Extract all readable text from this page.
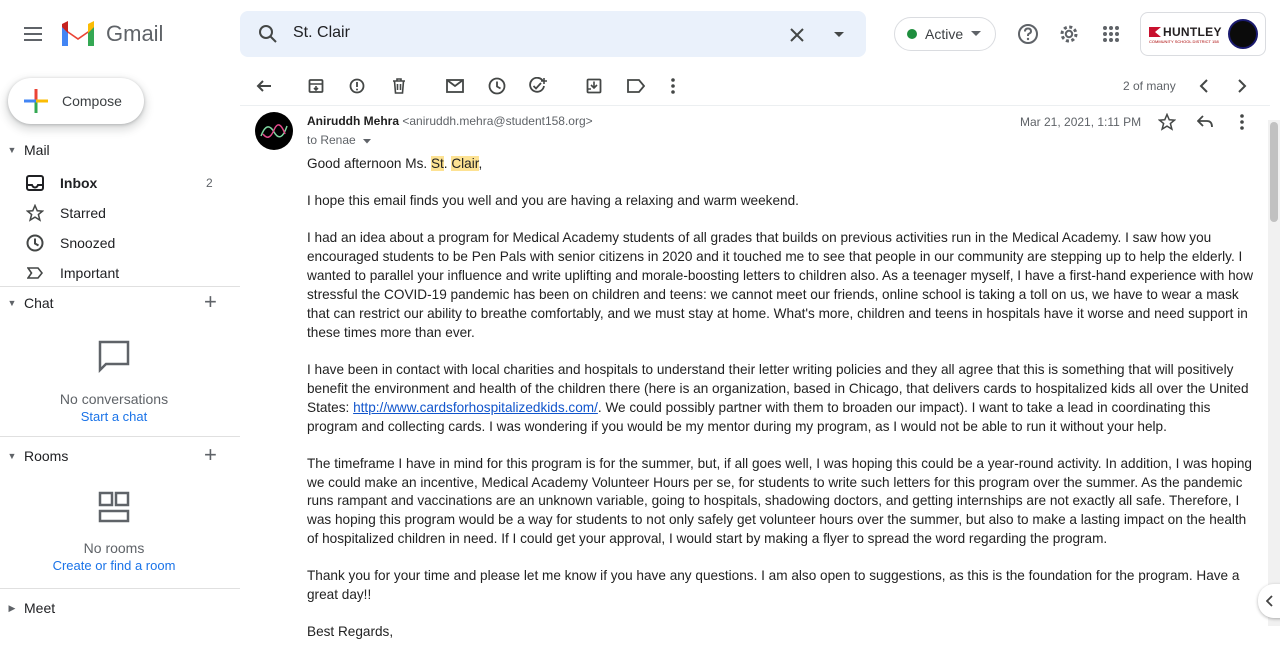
Gmail	St. Clair	Active	HUNTLEY
COMMUNITY SCHOOL DISTRICT 158
Compose
▼ Mail
Inbox	2
Starred
Snoozed
Important
▼ Chat	+
No conversations
Start a chat
▼ Rooms	+
No rooms
Create or find a room
▶ Meet
2 of many
Aniruddh Mehra <aniruddh.mehra@student158.org>
to Renae
Mar 21, 2021, 1:11 PM

Good afternoon Ms. St. Clair,

I hope this email finds you well and you are having a relaxing and warm weekend.

I had an idea about a program for Medical Academy students of all grades that builds on previous activities run in the Medical Academy. I saw how you encouraged students to be Pen Pals with senior citizens in 2020 and it touched me to see that people in our community are stepping up to help the elderly. I wanted to parallel your influence and write uplifting and morale-boosting letters to children also. As a teenager myself, I have a first-hand experience with how stressful the COVID-19 pandemic has been on children and teens: we cannot meet our friends, online school is taking a toll on us, we have to wear a mask that can restrict our ability to breathe comfortably, and we must stay at home. What's more, children and teens in hospitals have it worse and need support in these times more than ever.

I have been in contact with local charities and hospitals to understand their letter writing policies and they all agree that this is something that will positively benefit the environment and health of the children there (here is an organization, based in Chicago, that delivers cards to hospitalized kids all over the United States: http://www.cardsforhospitalizedkids.com/. We could possibly partner with them to broaden our impact). I want to take a lead in coordinating this program and collecting cards. I was wondering if you would be my mentor during my program, as I would not be able to run it without your help.

The timeframe I have in mind for this program is for the summer, but, if all goes well, I was hoping this could be a year-round activity. In addition, I was hoping we could make an incentive, Medical Academy Volunteer Hours per se, for students to write such letters for this program over the summer. As the pandemic runs rampant and vaccinations are an unknown variable, going to hospitals, shadowing doctors, and getting internships are not exactly all safe. Therefore, I was hoping this program would be a way for students to not only safely get volunteer hours over the summer, but also to make a lasting impact on the health of hospitalized children in need. If I could get your approval, I would start by making a flyer to spread the word regarding the program.

Thank you for your time and please let me know if you have any questions. I am also open to suggestions, as this is the foundation for the program. Have a great day!!

Best Regards,
